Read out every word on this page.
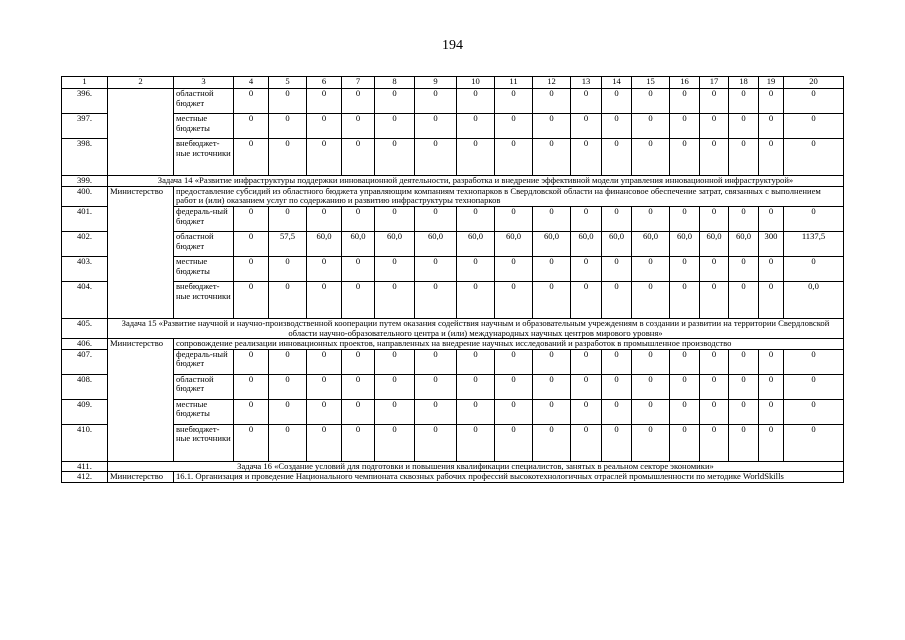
194
1	2	3	4	5	6	7	8	9	10	11	12	13	14	15	16	17	18	19	20
396.		областной бюджет	0	0	0	0	0	0	0	0	0	0	0	0	0	0	0	0	0
397.		местные бюджеты	0	0	0	0	0	0	0	0	0	0	0	0	0	0	0	0	0
398.		внебюджет-ные источники	0	0	0	0	0	0	0	0	0	0	0	0	0	0	0	0	0
399.	Задача 14 «Развитие инфраструктуры поддержки инновационной деятельности, разработка и внедрение эффективной модели управления инновационной инфраструктурой»																		
400.	Министерство	предоставление субсидий из областного бюджета управляющим компаниям технопарков в Свердловской области на финансовое обеспечение затрат, связанных с выполнением работ и (или) оказанием услуг по содержанию и развитию инфраструктуры технопарков																	
401.		федераль-ный бюджет	0	0	0	0	0	0	0	0	0	0	0	0	0	0	0	0	0
402.		областной бюджет	0	57,5	60,0	60,0	60,0	60,0	60,0	60,0	60,0	60,0	60,0	60,0	60,0	60,0	60,0	300	1137,5
403.		местные бюджеты	0	0	0	0	0	0	0	0	0	0	0	0	0	0	0	0	0
404.		внебюджет-ные источники	0	0	0	0	0	0	0	0	0	0	0	0	0	0	0	0	0,0
405.	Задача 15 «Развитие научной и научно-производственной кооперации путем оказания содействия научным и образовательным учреждениям в создании и развитии на территории Свердловской области научно-образовательного центра и (или) международных научных центров мирового уровня»																		
406.	Министерство	сопровождение реализации инновационных проектов, направленных на внедрение научных исследований и разработок в промышленное производство																	
407.		федераль-ный бюджет	0	0	0	0	0	0	0	0	0	0	0	0	0	0	0	0	0
408.		областной бюджет	0	0	0	0	0	0	0	0	0	0	0	0	0	0	0	0	0
409.		местные бюджеты	0	0	0	0	0	0	0	0	0	0	0	0	0	0	0	0	0
410.		внебюджет-ные источники	0	0	0	0	0	0	0	0	0	0	0	0	0	0	0	0	0
411.	Задача 16 «Создание условий для подготовки и повышения квалификации специалистов, занятых в реальном секторе экономики»																		
412.	Министерство	16.1. Организация и проведение Национального чемпионата сквозных рабочих профессий высокотехнологичных отраслей промышленности по методике WorldSkills																	
